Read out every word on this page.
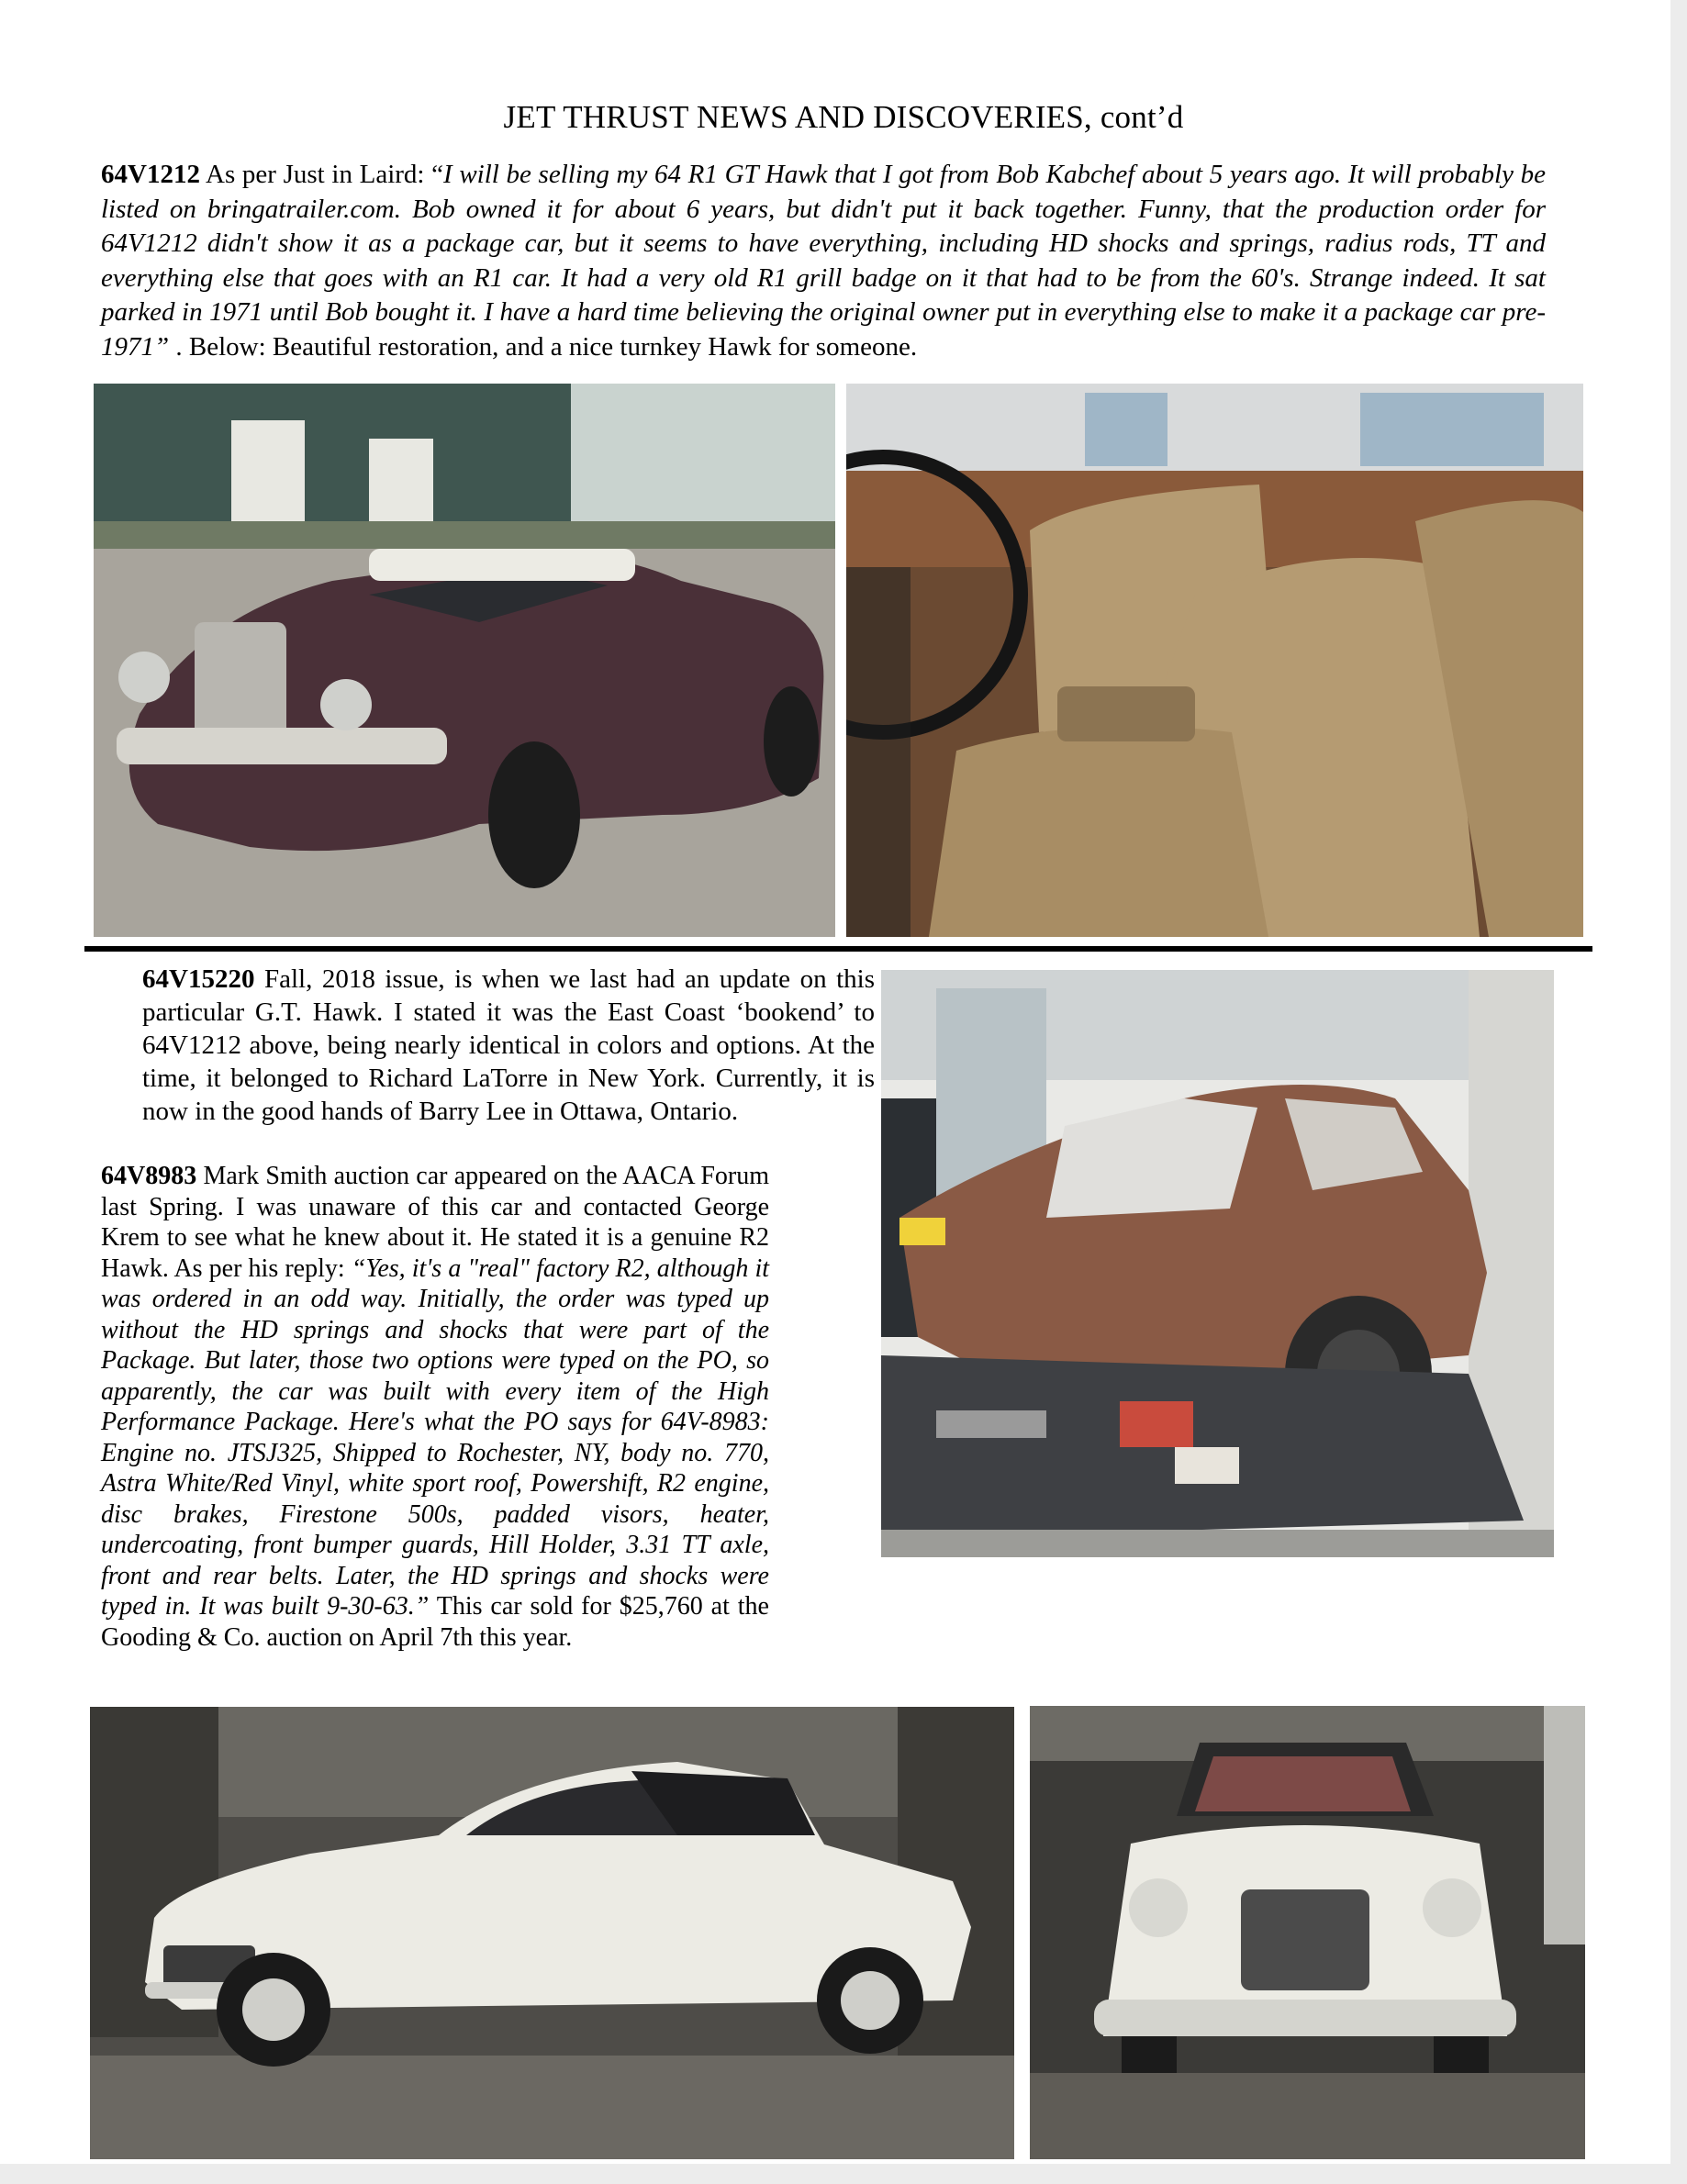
JET THRUST NEWS AND DISCOVERIES, cont’d
64V1212 As per Just in Laird: “I will be selling my 64 R1 GT Hawk that I got from Bob Kabchef about 5 years ago. It will probably be listed on bringatrailer.com. Bob owned it for about 6 years, but didn't put it back together. Funny, that the production order for 64V1212 didn't show it as a package car, but it seems to have everything, including HD shocks and springs, radius rods, TT and everything else that goes with an R1 car. It had a very old R1 grill badge on it that had to be from the 60's. Strange indeed. It sat parked in 1971 until Bob bought it. I have a hard time believing the original owner put in everything else to make it a package car pre-1971” . Below: Beautiful restoration, and a nice turnkey Hawk for someone.
64V15220 Fall, 2018 issue, is when we last had an update on this particular G.T. Hawk. I stated it was the East Coast ‘bookend’ to 64V1212 above, being nearly identical in colors and options. At the time, it belonged to Richard LaTorre in New York. Currently, it is now in the good hands of Barry Lee in Ottawa, Ontario.
64V8983 Mark Smith auction car appeared on the AACA Forum last Spring. I was unaware of this car and contacted George Krem to see what he knew about it. He stated it is a genuine R2 Hawk. As per his reply: “Yes, it's a "real" factory R2, although it was ordered in an odd way. Initially, the order was typed up without the HD springs and shocks that were part of the Package. But later, those two options were typed on the PO, so apparently, the car was built with every item of the High Performance Package. Here's what the PO says for 64V-8983: Engine no. JTSJ325, Shipped to Rochester, NY, body no. 770, Astra White/Red Vinyl, white sport roof, Powershift, R2 engine, disc brakes, Firestone 500s, padded visors, heater, undercoating, front bumper guards, Hill Holder, 3.31 TT axle, front and rear belts. Later, the HD springs and shocks were typed in. It was built 9-30-63.” This car sold for $25,760 at the Gooding & Co. auction on April 7th this year.
